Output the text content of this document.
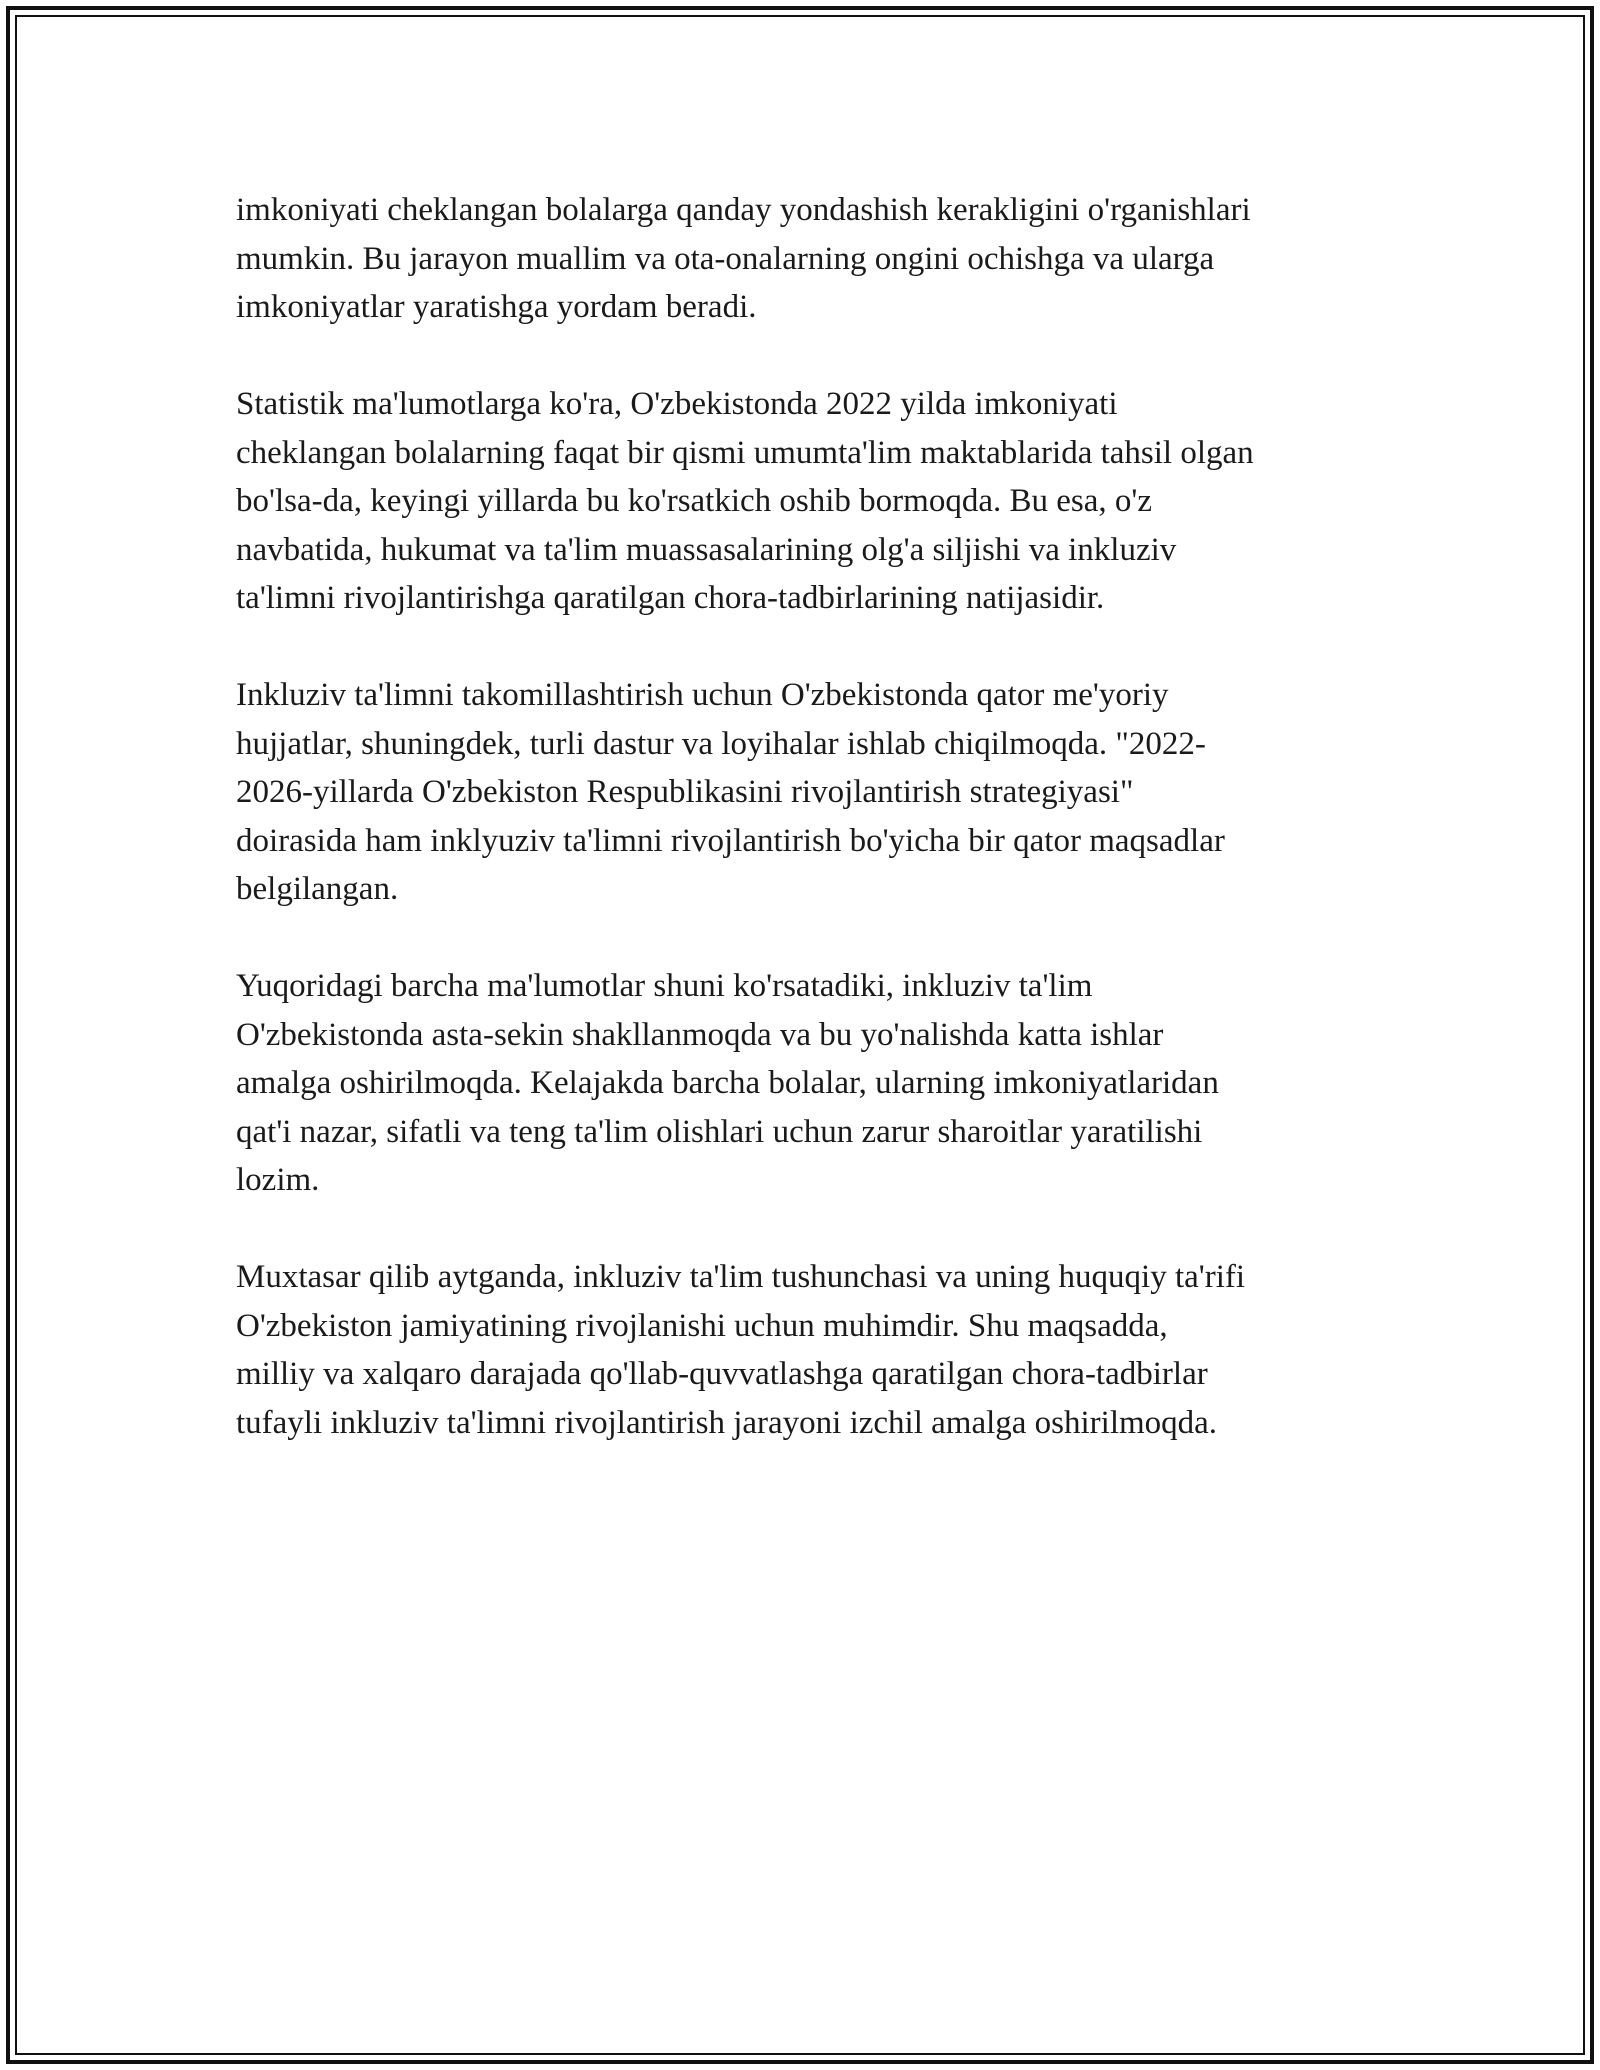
imkoniyati cheklangan bolalarga qanday yondashish kerakligini o'rganishlari
mumkin. Bu jarayon muallim va ota-onalarning ongini ochishga va ularga
imkoniyatlar yaratishga yordam beradi.

Statistik ma'lumotlarga ko'ra, O'zbekistonda 2022 yilda imkoniyati
cheklangan bolalarning faqat bir qismi umumta'lim maktablarida tahsil olgan
bo'lsa-da, keyingi yillarda bu ko'rsatkich oshib bormoqda. Bu esa, o'z
navbatida, hukumat va ta'lim muassasalarining olg'a siljishi va inkluziv
ta'limni rivojlantirishga qaratilgan chora-tadbirlarining natijasidir.

Inkluziv ta'limni takomillashtirish uchun O'zbekistonda qator me'yoriy
hujjatlar, shuningdek, turli dastur va loyihalar ishlab chiqilmoqda. "2022-
2026-yillarda O'zbekiston Respublikasini rivojlantirish strategiyasi"
doirasida ham inklyuziv ta'limni rivojlantirish bo'yicha bir qator maqsadlar
belgilangan.

Yuqoridagi barcha ma'lumotlar shuni ko'rsatadiki, inkluziv ta'lim
O'zbekistonda asta-sekin shakllanmoqda va bu yo'nalishda katta ishlar
amalga oshirilmoqda. Kelajakda barcha bolalar, ularning imkoniyatlaridan
qat'i nazar, sifatli va teng ta'lim olishlari uchun zarur sharoitlar yaratilishi
lozim.

Muxtasar qilib aytganda, inkluziv ta'lim tushunchasi va uning huquqiy ta'rifi
O'zbekiston jamiyatining rivojlanishi uchun muhimdir. Shu maqsadda,
milliy va xalqaro darajada qo'llab-quvvatlashga qaratilgan chora-tadbirlar
tufayli inkluziv ta'limni rivojlantirish jarayoni izchil amalga oshirilmoqda.
